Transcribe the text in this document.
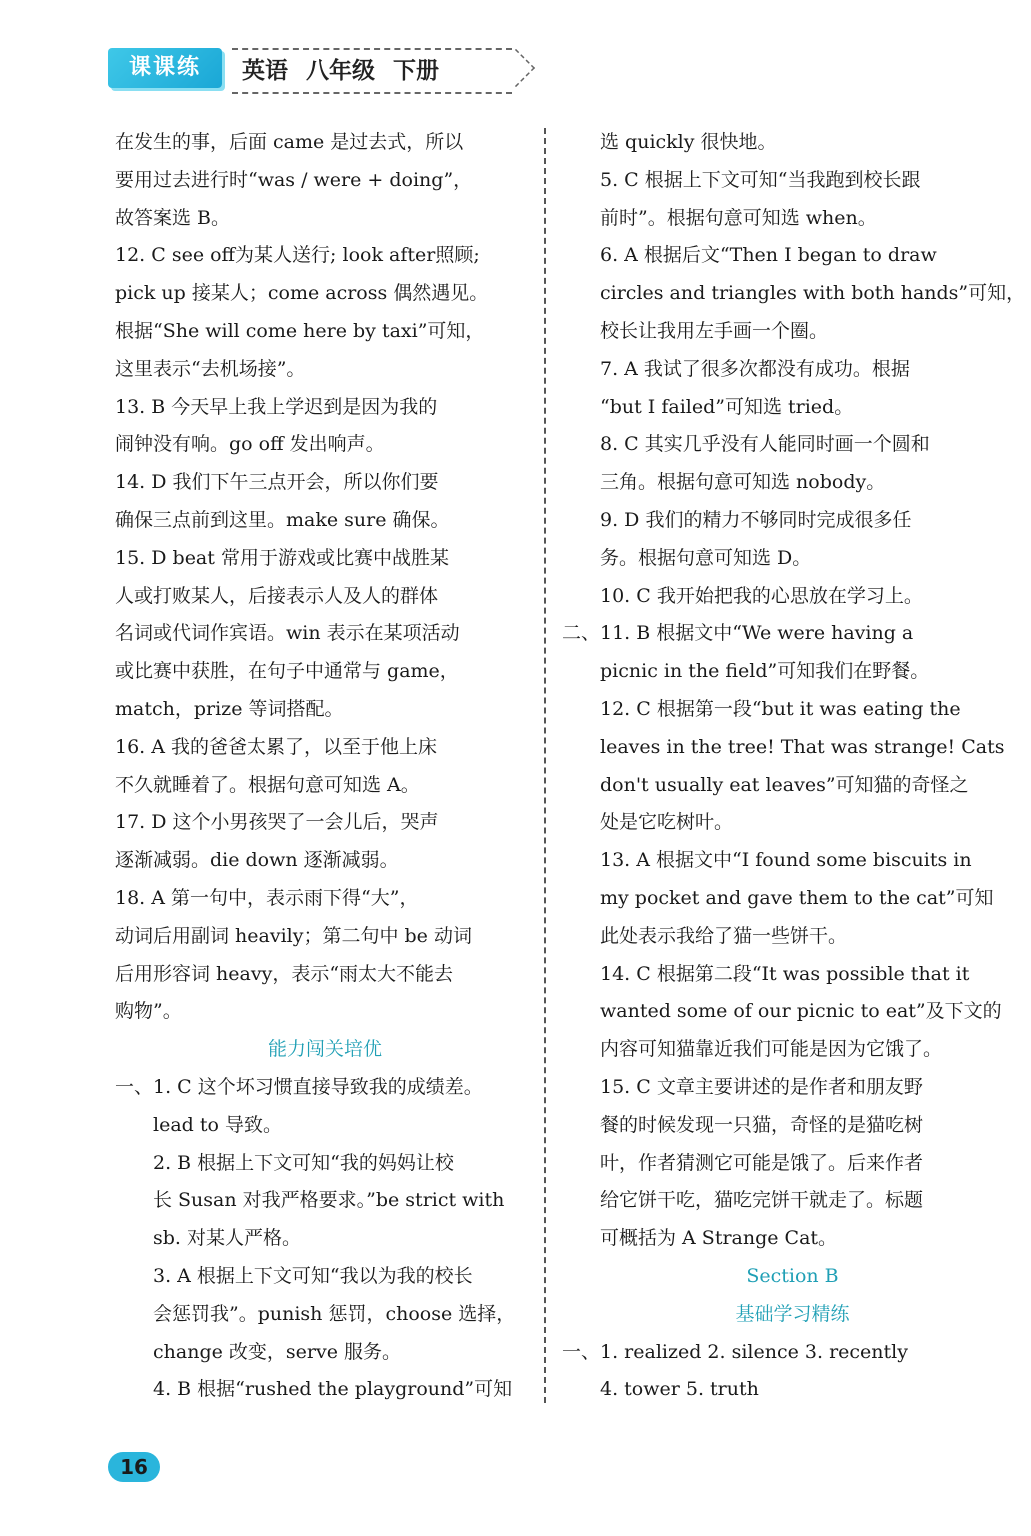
课课练	英语 八年级 下册
在发生的事，后面 came 是过去式，所以
要用过去进行时“was / were + doing”，
故答案选 B。
12. C see off为某人送行; look after照顾;
pick up 接某人；come across 偶然遇见。
根据“She will come here by taxi”可知，
这里表示“去机场接”。
13. B 今天早上我上学迟到是因为我的
闹钟没有响。go off 发出响声。
14. D 我们下午三点开会，所以你们要
确保三点前到这里。make sure 确保。
15. D beat 常用于游戏或比赛中战胜某
人或打败某人，后接表示人及人的群体
名词或代词作宾语。win 表示在某项活动
或比赛中获胜，在句子中通常与 game，
match，prize 等词搭配。
16. A 我的爸爸太累了，以至于他上床
不久就睡着了。根据句意可知选 A。
17. D 这个小男孩哭了一会儿后，哭声
逐渐减弱。die down 逐渐减弱。
18. A 第一句中，表示雨下得“大”，
动词后用副词 heavily；第二句中 be 动词
后用形容词 heavy，表示“雨太大不能去
购物”。
能力闯关培优
一、1. C 这个坏习惯直接导致我的成绩差。
lead to 导致。
2. B 根据上下文可知“我的妈妈让校
长 Susan 对我严格要求。”be strict with
sb. 对某人严格。
3. A 根据上下文可知“我以为我的校长
会惩罚我”。punish 惩罚，choose 选择，
change 改变，serve 服务。
4. B 根据“rushed the playground”可知
选 quickly 很快地。
5. C 根据上下文可知“当我跑到校长跟
前时”。根据句意可知选 when。
6. A 根据后文“Then I began to draw
circles and triangles with both hands”可知，
校长让我用左手画一个圈。
7. A 我试了很多次都没有成功。根据
“but I failed”可知选 tried。
8. C 其实几乎没有人能同时画一个圆和
三角。根据句意可知选 nobody。
9. D 我们的精力不够同时完成很多任
务。根据句意可知选 D。
10. C 我开始把我的心思放在学习上。
二、11. B 根据文中“We were having a
picnic in the field”可知我们在野餐。
12. C 根据第一段“but it was eating the
leaves in the tree! That was strange! Cats
don't usually eat leaves”可知猫的奇怪之
处是它吃树叶。
13. A 根据文中“I found some biscuits in
my pocket and gave them to the cat”可知
此处表示我给了猫一些饼干。
14. C 根据第二段“It was possible that it
wanted some of our picnic to eat”及下文的
内容可知猫靠近我们可能是因为它饿了。
15. C 文章主要讲述的是作者和朋友野
餐的时候发现一只猫，奇怪的是猫吃树
叶，作者猜测它可能是饿了。后来作者
给它饼干吃，猫吃完饼干就走了。标题
可概括为 A Strange Cat。
Section B
基础学习精练
一、1. realized 2. silence 3. recently
4. tower 5. truth
16
